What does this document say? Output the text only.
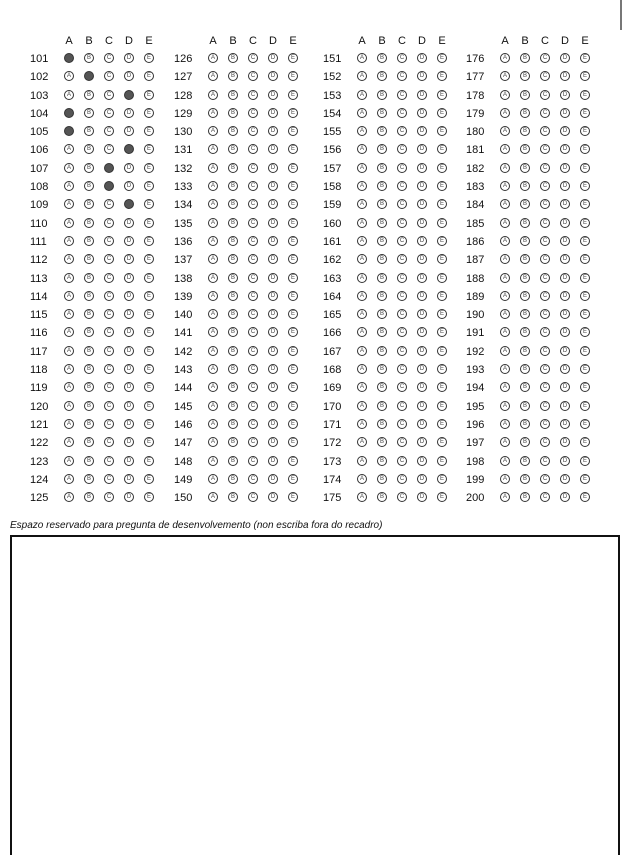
A B C D E
101	A	B	C	D	E
102	A	B	C	D	E
103	A	B	C	D	E
104	A	B	C	D	E
105	A	B	C	D	E
106	A	B	C	D	E
107	A	B	C	D	E
108	A	B	C	D	E
109	A	B	C	D	E
110	A	B	C	D	E
111	A	B	C	D	E
112	A	B	C	D	E
113	A	B	C	D	E
114	A	B	C	D	E
115	A	B	C	D	E
116	A	B	C	D	E
117	A	B	C	D	E
118	A	B	C	D	E
119	A	B	C	D	E
120	A	B	C	D	E
121	A	B	C	D	E
122	A	B	C	D	E
123	A	B	C	D	E
124	A	B	C	D	E
125	A	B	C	D	E
A B C D E
126	A	B	C	D	E
127	A	B	C	D	E
128	A	B	C	D	E
129	A	B	C	D	E
130	A	B	C	D	E
131	A	B	C	D	E
132	A	B	C	D	E
133	A	B	C	D	E
134	A	B	C	D	E
135	A	B	C	D	E
136	A	B	C	D	E
137	A	B	C	D	E
138	A	B	C	D	E
139	A	B	C	D	E
140	A	B	C	D	E
141	A	B	C	D	E
142	A	B	C	D	E
143	A	B	C	D	E
144	A	B	C	D	E
145	A	B	C	D	E
146	A	B	C	D	E
147	A	B	C	D	E
148	A	B	C	D	E
149	A	B	C	D	E
150	A	B	C	D	E
A B C D E
151	A	B	C	D	E
152	A	B	C	D	E
153	A	B	C	D	E
154	A	B	C	D	E
155	A	B	C	D	E
156	A	B	C	D	E
157	A	B	C	D	E
158	A	B	C	D	E
159	A	B	C	D	E
160	A	B	C	D	E
161	A	B	C	D	E
162	A	B	C	D	E
163	A	B	C	D	E
164	A	B	C	D	E
165	A	B	C	D	E
166	A	B	C	D	E
167	A	B	C	D	E
168	A	B	C	D	E
169	A	B	C	D	E
170	A	B	C	D	E
171	A	B	C	D	E
172	A	B	C	D	E
173	A	B	C	D	E
174	A	B	C	D	E
175	A	B	C	D	E
A B C D E
176	A	B	C	D	E
177	A	B	C	D	E
178	A	B	C	D	E
179	A	B	C	D	E
180	A	B	C	D	E
181	A	B	C	D	E
182	A	B	C	D	E
183	A	B	C	D	E
184	A	B	C	D	E
185	A	B	C	D	E
186	A	B	C	D	E
187	A	B	C	D	E
188	A	B	C	D	E
189	A	B	C	D	E
190	A	B	C	D	E
191	A	B	C	D	E
192	A	B	C	D	E
193	A	B	C	D	E
194	A	B	C	D	E
195	A	B	C	D	E
196	A	B	C	D	E
197	A	B	C	D	E
198	A	B	C	D	E
199	A	B	C	D	E
200	A	B	C	D	E
Espazo reservado para pregunta de desenvolvemento (non escriba fora do recadro)
